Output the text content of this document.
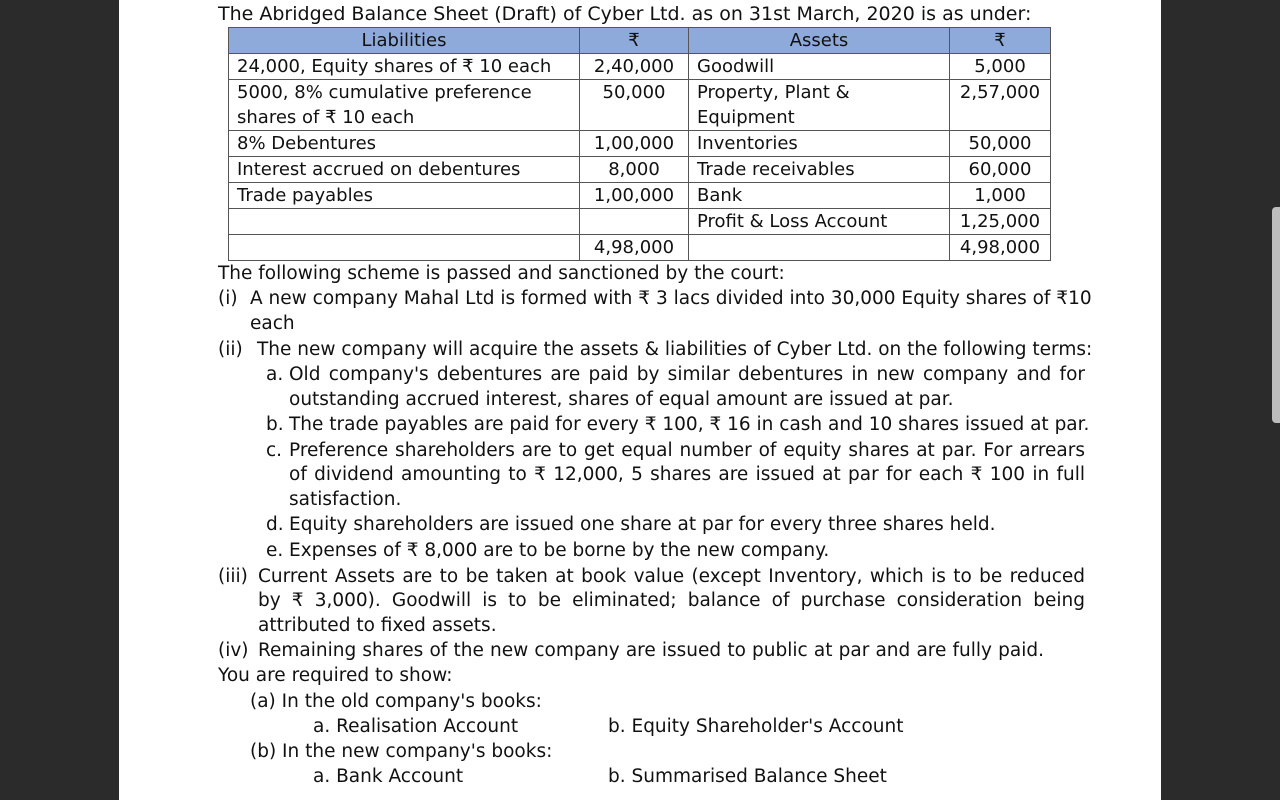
The Abridged Balance Sheet (Draft) of Cyber Ltd. as on 31st March, 2020 is as under:
Liabilities	₹	Assets	₹
24,000, Equity shares of ₹ 10 each	2,40,000	Goodwill	5,000
5000, 8% cumulative preference shares of ₹ 10 each	50,000	Property, Plant & Equipment	2,57,000
8% Debentures	1,00,000	Inventories	50,000
Interest accrued on debentures	8,000	Trade receivables	60,000
Trade payables	1,00,000	Bank	1,000
		Profit & Loss Account	1,25,000
	4,98,000		4,98,000
The following scheme is passed and sanctioned by the court:
(i) A new company Mahal Ltd is formed with ₹ 3 lacs divided into 30,000 Equity shares of ₹10
each
(ii) The new company will acquire the assets & liabilities of Cyber Ltd. on the following terms:
a. Old company's debentures are paid by similar debentures in new company and for
outstanding accrued interest, shares of equal amount are issued at par.
b. The trade payables are paid for every ₹ 100, ₹ 16 in cash and 10 shares issued at par.
c. Preference shareholders are to get equal number of equity shares at par. For arrears
of dividend amounting to ₹ 12,000, 5 shares are issued at par for each ₹ 100 in full
satisfaction.
d. Equity shareholders are issued one share at par for every three shares held.
e. Expenses of ₹ 8,000 are to be borne by the new company.
(iii) Current Assets are to be taken at book value (except Inventory, which is to be reduced
by ₹ 3,000). Goodwill is to be eliminated; balance of purchase consideration being
attributed to fixed assets.
(iv) Remaining shares of the new company are issued to public at par and are fully paid.
You are required to show:
(a) In the old company's books:
a. Realisation Account	b. Equity Shareholder's Account
(b) In the new company's books:
a. Bank Account	b. Summarised Balance Sheet
